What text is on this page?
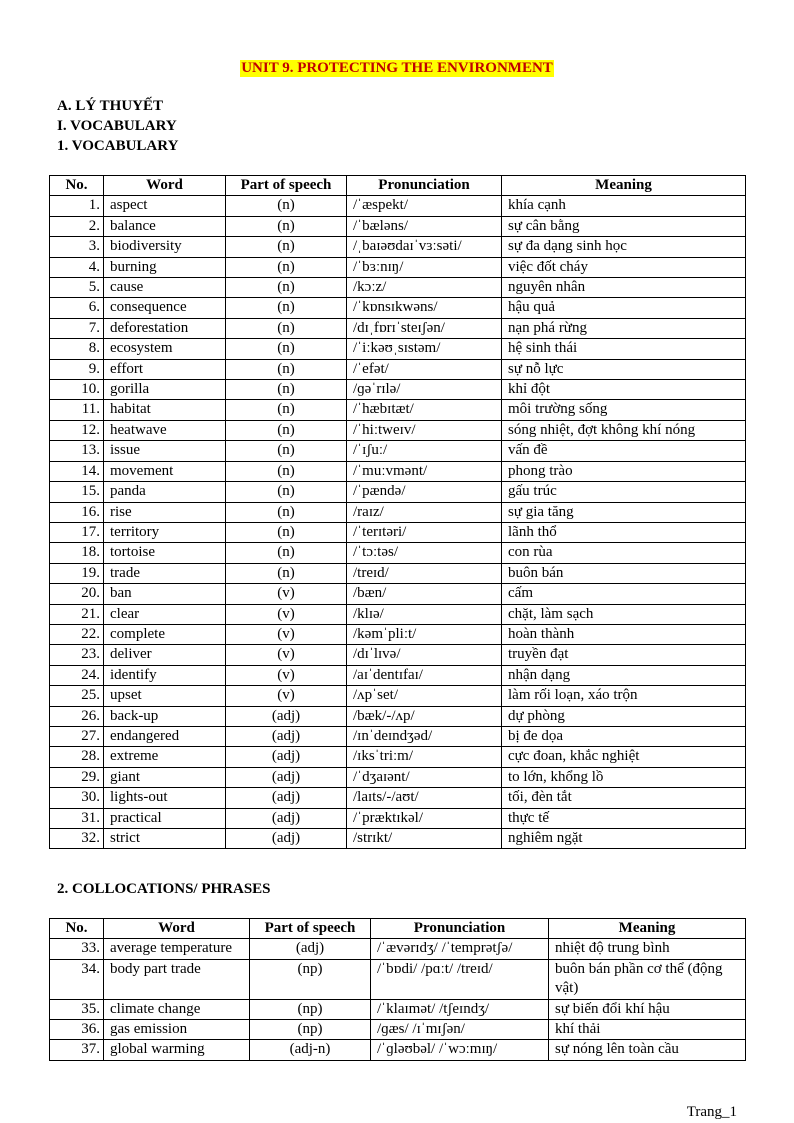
UNIT 9. PROTECTING THE ENVIRONMENT
A. LÝ THUYẾT
I. VOCABULARY
1. VOCABULARY
No.	Word	Part of speech	Pronunciation	Meaning
1.	aspect	(n)	/ˈæspekt/	khía cạnh
2.	balance	(n)	/ˈbæləns/	sự cân bằng
3.	biodiversity	(n)	/ˌbaɪəʊdaɪˈvɜːsəti/	sự đa dạng sinh học
4.	burning	(n)	/ˈbɜːnɪŋ/	việc đốt cháy
5.	cause	(n)	/kɔːz/	nguyên nhân
6.	consequence	(n)	/ˈkɒnsɪkwəns/	hậu quả
7.	deforestation	(n)	/dɪˌfɒrɪˈsteɪʃən/	nạn phá rừng
8.	ecosystem	(n)	/ˈiːkəʊˌsɪstəm/	hệ sinh thái
9.	effort	(n)	/ˈefət/	sự nỗ lực
10.	gorilla	(n)	/ɡəˈrɪlə/	khỉ đột
11.	habitat	(n)	/ˈhæbɪtæt/	môi trường sống
12.	heatwave	(n)	/ˈhiːtweɪv/	sóng nhiệt, đợt không khí nóng
13.	issue	(n)	/ˈɪʃuː/	vấn đề
14.	movement	(n)	/ˈmuːvmənt/	phong trào
15.	panda	(n)	/ˈpændə/	gấu trúc
16.	rise	(n)	/raɪz/	sự gia tăng
17.	territory	(n)	/ˈterɪtəri/	lãnh thổ
18.	tortoise	(n)	/ˈtɔːtəs/	con rùa
19.	trade	(n)	/treɪd/	buôn bán
20.	ban	(v)	/bæn/	cấm
21.	clear	(v)	/klɪə/	chặt, làm sạch
22.	complete	(v)	/kəmˈpliːt/	hoàn thành
23.	deliver	(v)	/dɪˈlɪvə/	truyền đạt
24.	identify	(v)	/aɪˈdentɪfaɪ/	nhận dạng
25.	upset	(v)	/ʌpˈset/	làm rối loạn, xáo trộn
26.	back-up	(adj)	/bæk/-/ʌp/	dự phòng
27.	endangered	(adj)	/ɪnˈdeɪndʒəd/	bị đe dọa
28.	extreme	(adj)	/ɪksˈtriːm/	cực đoan, khắc nghiệt
29.	giant	(adj)	/ˈdʒaɪənt/	to lớn, khổng lồ
30.	lights-out	(adj)	/laɪts/-/aʊt/	tối, đèn tắt
31.	practical	(adj)	/ˈpræktɪkəl/	thực tế
32.	strict	(adj)	/strɪkt/	nghiêm ngặt
2. COLLOCATIONS/ PHRASES
No.	Word	Part of speech	Pronunciation	Meaning
33.	average temperature	(adj)	/ˈævərɪdʒ/ /ˈtemprətʃə/	nhiệt độ trung bình
34.	body part trade	(np)	/ˈbɒdi/ /pɑːt/ /treɪd/	buôn bán phần cơ thể (động vật)
35.	climate change	(np)	/ˈklaɪmət/ /tʃeɪndʒ/	sự biến đổi khí hậu
36.	gas emission	(np)	/ɡæs/ /ɪˈmɪʃən/	khí thải
37.	global warming	(adj-n)	/ˈɡləʊbəl/ /ˈwɔːmɪŋ/	sự nóng lên toàn cầu
Trang_1
